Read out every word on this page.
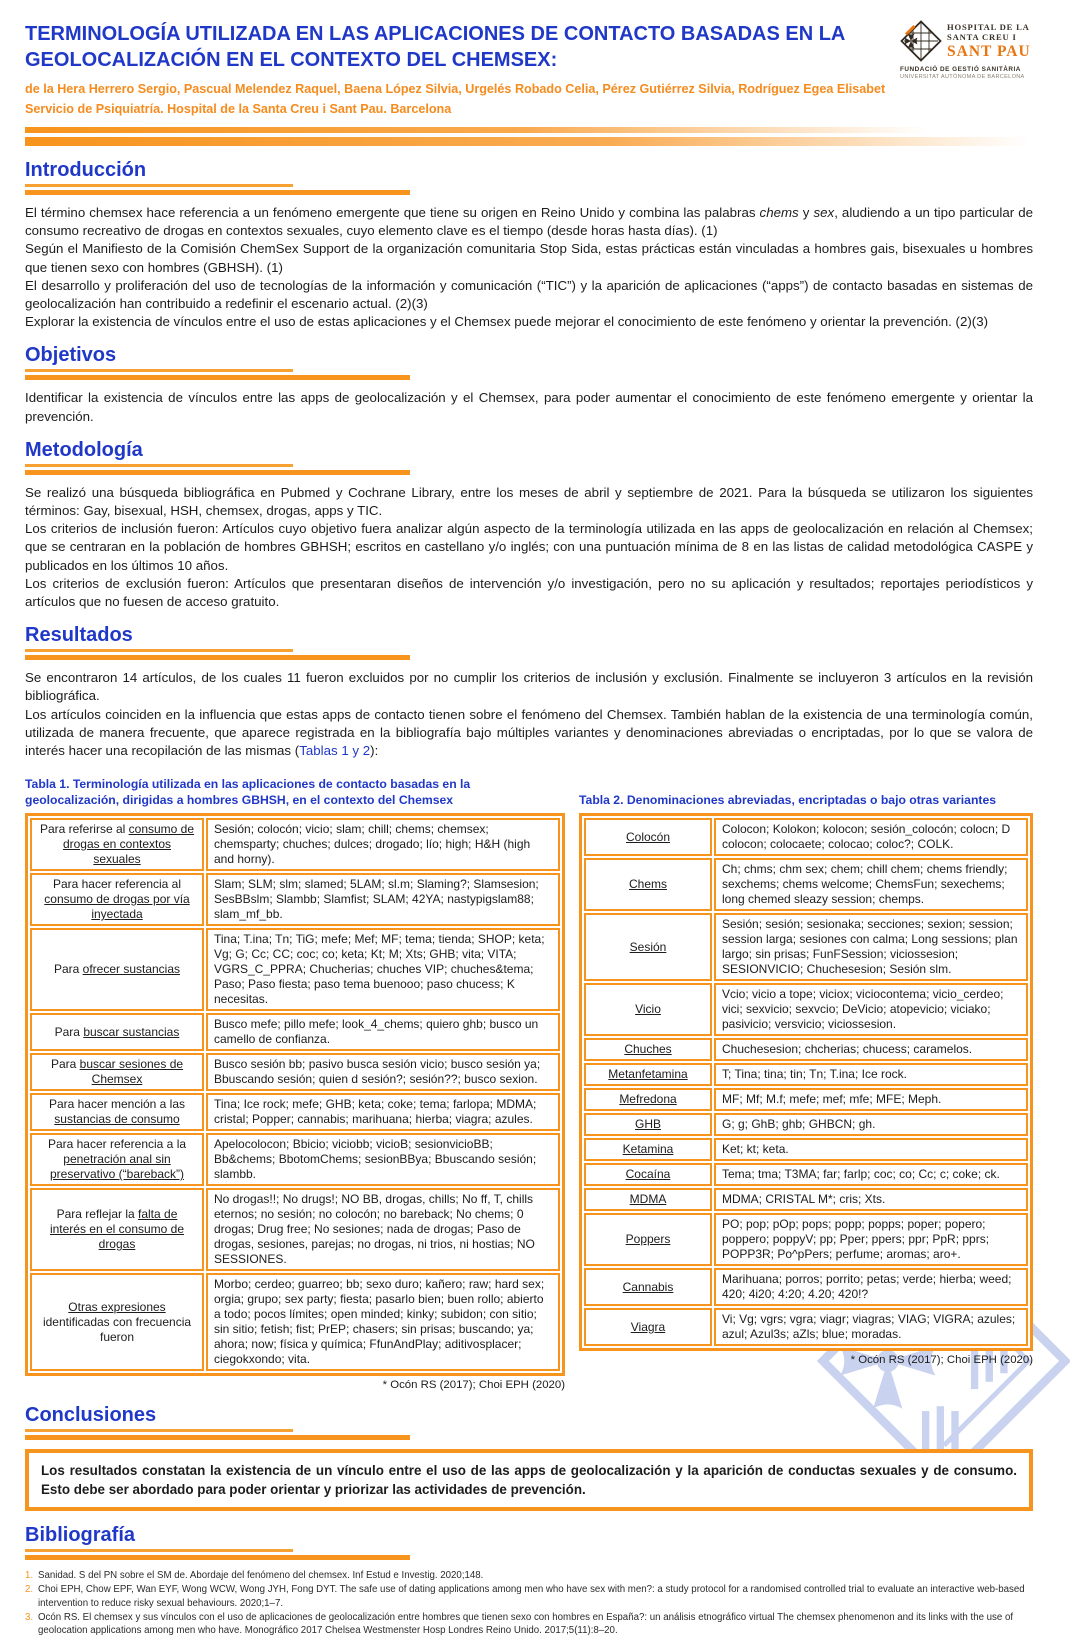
TERMINOLOGÍA UTILIZADA EN LAS APLICACIONES DE CONTACTO BASADAS EN LA GEOLOCALIZACIÓN EN EL CONTEXTO DEL CHEMSEX:

de la Hera Herrero Sergio, Pascual Melendez Raquel, Baena López Silvia, Urgelés Robado Celia, Pérez Gutiérrez Silvia, Rodríguez Egea Elisabet

Servicio de Psiquiatría. Hospital de la Santa Creu i Sant Pau. Barcelona

HOSPITAL DE LA
SANTA CREU I
SANT PAU
FUNDACIÓ DE GESTIÓ SANITÀRIA
UNIVERSITAT AUTÒNOMA DE BARCELONA
Introducción

El término chemsex hace referencia a un fenómeno emergente que tiene su origen en Reino Unido y combina las palabras chems y sex, aludiendo a un tipo particular de consumo recreativo de drogas en contextos sexuales, cuyo elemento clave es el tiempo (desde horas hasta días). (1)

Según el Manifiesto de la Comisión ChemSex Support de la organización comunitaria Stop Sida, estas prácticas están vinculadas a hombres gais, bisexuales u hombres que tienen sexo con hombres (GBHSH). (1)

El desarrollo y proliferación del uso de tecnologías de la información y comunicación (“TIC”) y la aparición de aplicaciones (“apps”) de contacto basadas en sistemas de geolocalización han contribuido a redefinir el escenario actual. (2)(3)

Explorar la existencia de vínculos entre el uso de estas aplicaciones y el Chemsex puede mejorar el conocimiento de este fenómeno y orientar la prevención. (2)(3)

Objetivos

Identificar la existencia de vínculos entre las apps de geolocalización y el Chemsex, para poder aumentar el conocimiento de este fenómeno emergente y orientar la prevención.

Metodología

Se realizó una búsqueda bibliográfica en Pubmed y Cochrane Library, entre los meses de abril y septiembre de 2021. Para la búsqueda se utilizaron los siguientes términos: Gay, bisexual, HSH, chemsex, drogas, apps y TIC.

Los criterios de inclusión fueron: Artículos cuyo objetivo fuera analizar algún aspecto de la terminología utilizada en las apps de geolocalización en relación al Chemsex; que se centraran en la población de hombres GBHSH; escritos en castellano y/o inglés; con una puntuación mínima de 8 en las listas de calidad metodológica CASPE y publicados en los últimos 10 años.

Los criterios de exclusión fueron: Artículos que presentaran diseños de intervención y/o investigación, pero no su aplicación y resultados; reportajes periodísticos y artículos que no fuesen de acceso gratuito.

Resultados

Se encontraron 14 artículos, de los cuales 11 fueron excluidos por no cumplir los criterios de inclusión y exclusión. Finalmente se incluyeron 3 artículos en la revisión bibliográfica.

Los artículos coinciden en la influencia que estas apps de contacto tienen sobre el fenómeno del Chemsex. También hablan de la existencia de una terminología común, utilizada de manera frecuente, que aparece registrada en la bibliografía bajo múltiples variantes y denominaciones abreviadas o encriptadas, por lo que se valora de interés hacer una recopilación de las mismas (Tablas 1 y 2):

Tabla 1. Terminología utilizada en las aplicaciones de contacto basadas en la geolocalización, dirigidas a hombres GBHSH, en el contexto del Chemsex
Para referirse al consumo de drogas en contextos sexuales	Sesión; colocón; vicio; slam; chill; chems; chemsex; chemsparty; chuches; dulces; drogado; lío; high; H&H (high and horny).
Para hacer referencia al consumo de drogas por vía inyectada	Slam; SLM; slm; slamed; 5LAM; sl.m; Slaming?; Slamsesion; SesBBslm; Slambb; Slamfist; SLAM; 42YA; nastypigslam88; slam_mf_bb.
Para ofrecer sustancias	Tina; T.ina; Tn; TiG; mefe; Mef; MF; tema; tienda; SHOP; keta; Vg; G; Cc; CC; coc; co; keta; Kt; M; Xts; GHB; vita; VITA; VGRS_C_PPRA; Chucherias; chuches VIP; chuches&tema; Paso; Paso fiesta; paso tema buenooo; paso chucess; K necesitas.
Para buscar sustancias	Busco mefe; pillo mefe; look_4_chems; quiero ghb; busco un camello de confianza.
Para buscar sesiones de Chemsex	Busco sesión bb; pasivo busca sesión vicio; busco sesión ya; Bbuscando sesión; quien d sesión?; sesión??; busco sexion.
Para hacer mención a las sustancias de consumo	Tina; Ice rock; mefe; GHB; keta; coke; tema; farlopa; MDMA; cristal; Popper; cannabis; marihuana; hierba; viagra; azules.
Para hacer referencia a la penetración anal sin preservativo (“bareback”)	Apelocolocon; Bbicio; viciobb; vicioB; sesionvicioBB; Bb&chems; BbotomChems; sesionBBya; Bbuscando sesión; slambb.
Para reflejar la falta de interés en el consumo de drogas	No drogas!!; No drugs!; NO BB, drogas, chills; No ff, T, chills eternos; no sesión; no colocón; no bareback; No chems; 0 drogas; Drug free; No sesiones; nada de drogas; Paso de drogas, sesiones, parejas; no drogas, ni trios, ni hostias; NO SESSIONES.
Otras expresiones identificadas con frecuencia fueron	Morbo; cerdeo; guarreo; bb; sexo duro; kañero; raw; hard sex; orgia; grupo; sex party; fiesta; pasarlo bien; buen rollo; abierto a todo; pocos límites; open minded; kinky; subidon; con sitio; sin sitio; fetish; fist; PrEP; chasers; sin prisas; buscando; ya; ahora; now; física y química; FfunAndPlay; aditivosplacer; ciegokxondo; vita.
* Ocón RS (2017); Choi EPH (2020)
Tabla 2. Denominaciones abreviadas, encriptadas o bajo otras variantes
Colocón	Colocon; Kolokon; kolocon; sesión_colocón; colocn; D colocon; colocaete; colocao; coloc?; COLK.
Chems	Ch; chms; chm sex; chem; chill chem; chems friendly; sexchems; chems welcome; ChemsFun; sexechems; long chemed sleazy session; chemps.
Sesión	Sesión; sesión; sesionaka; secciones; sexion; session; session larga; sesiones con calma; Long sessions; plan largo; sin prisas; FunFSession; viciossesion; SESIONVICIO; Chuchesesion; Sesión slm.
Vicio	Vcio; vicio a tope; viciox; viciocontema; vicio_cerdeo; vici; sexvicio; sexvcio; DeVicio; atopevicio; viciako; pasivicio; versvicio; viciossesion.
Chuches	Chuchesesion; chcherias; chucess; caramelos.
Metanfetamina	T; Tina; tina; tin; Tn; T.ina; Ice rock.
Mefredona	MF; Mf; M.f; mefe; mef; mfe; MFE; Meph.
GHB	G; g; GhB; ghb; GHBCN; gh.
Ketamina	Ket; kt; keta.
Cocaína	Tema; tma; T3MA; far; farlp; coc; co; Cc; c; coke; ck.
MDMA	MDMA; CRISTAL M*; cris; Xts.
Poppers	PO; pop; pOp; pops; popp; popps; poper; popero; poppero; poppyV; pp; Pper; ppers; ppr; PpR; pprs; POPP3R; Po^pPers; perfume; aromas; aro+.
Cannabis	Marihuana; porros; porrito; petas; verde; hierba; weed; 420; 4i20; 4:20; 4.20; 420!?
Viagra	Vi; Vg; vgrs; vgra; viagr; viagras; VIAG; VIGRA; azules; azul; Azul3s; aZls; blue; moradas.
* Ocón RS (2017); Choi EPH (2020)
Conclusiones
Los resultados constatan la existencia de un vínculo entre el uso de las apps de geolocalización y la aparición de conductas sexuales y de consumo. Esto debe ser abordado para poder orientar y priorizar las actividades de prevención.
Bibliografía
1. Sanidad. S del PN sobre el SM de. Abordaje del fenómeno del chemsex. Inf Estud e Investig. 2020;148.
2. Choi EPH, Chow EPF, Wan EYF, Wong WCW, Wong JYH, Fong DYT. The safe use of dating applications among men who have sex with men?: a study protocol for a randomised controlled trial to evaluate an interactive web-based intervention to reduce risky sexual behaviours. 2020;1–7.
3. Ocón RS. El chemsex y sus vínculos con el uso de aplicaciones de geolocalización entre hombres que tienen sexo con hombres en España?: un análisis etnográfico virtual The chemsex phenomenon and its links with the use of geolocation applications among men who have. Monográfico 2017 Chelsea Westmenster Hosp Londres Reino Unido. 2017;5(11):8–20.
